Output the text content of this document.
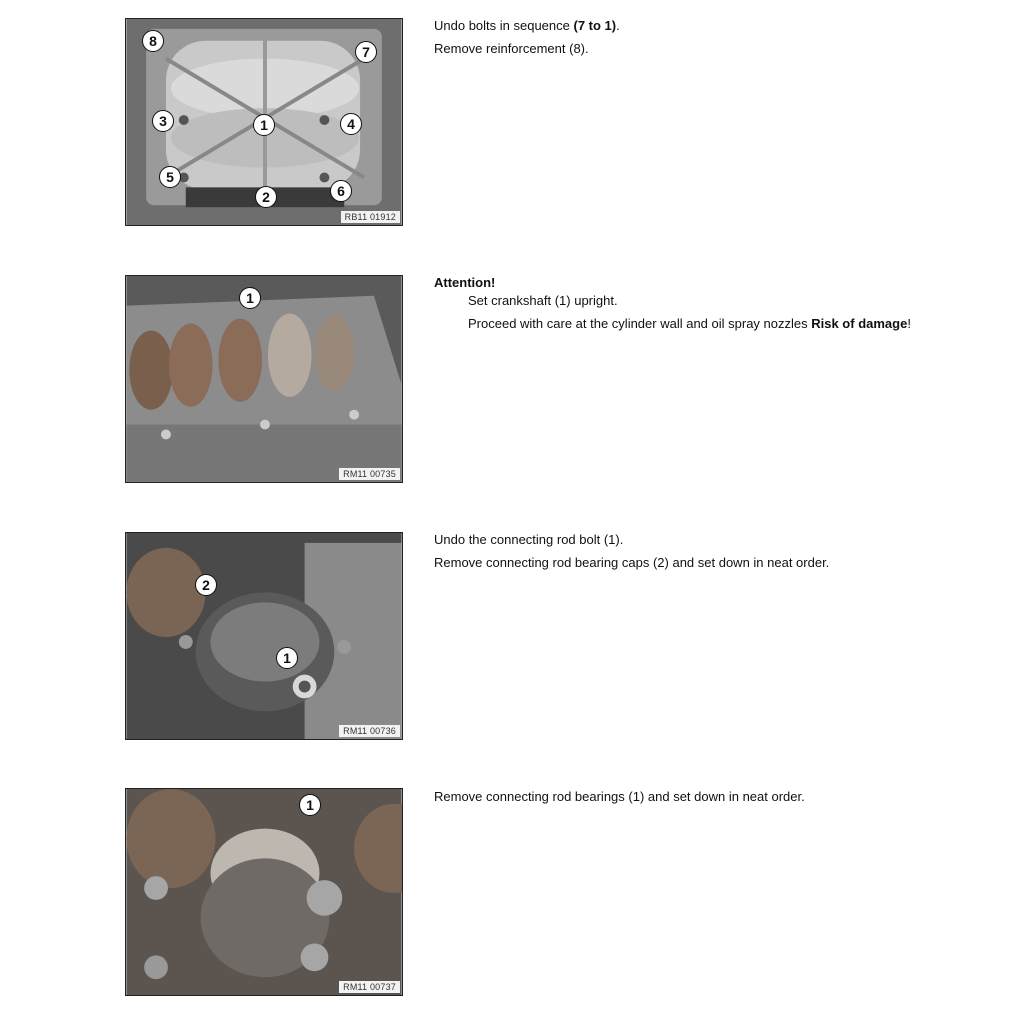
8
7
3	1	4
5
2	6
RB11 01912

Undo bolts in sequence (7 to 1).

Remove reinforcement (8).

1
RM11 00735

Attention!

Set crankshaft (1) upright.

Proceed with care at the cylinder wall and oil spray nozzles Risk of damage!

2
1
RM11 00736

Undo the connecting rod bolt (1).

Remove connecting rod bearing caps (2) and set down in neat order.

1
RM11 00737

Remove connecting rod bearings (1) and set down in neat order.
